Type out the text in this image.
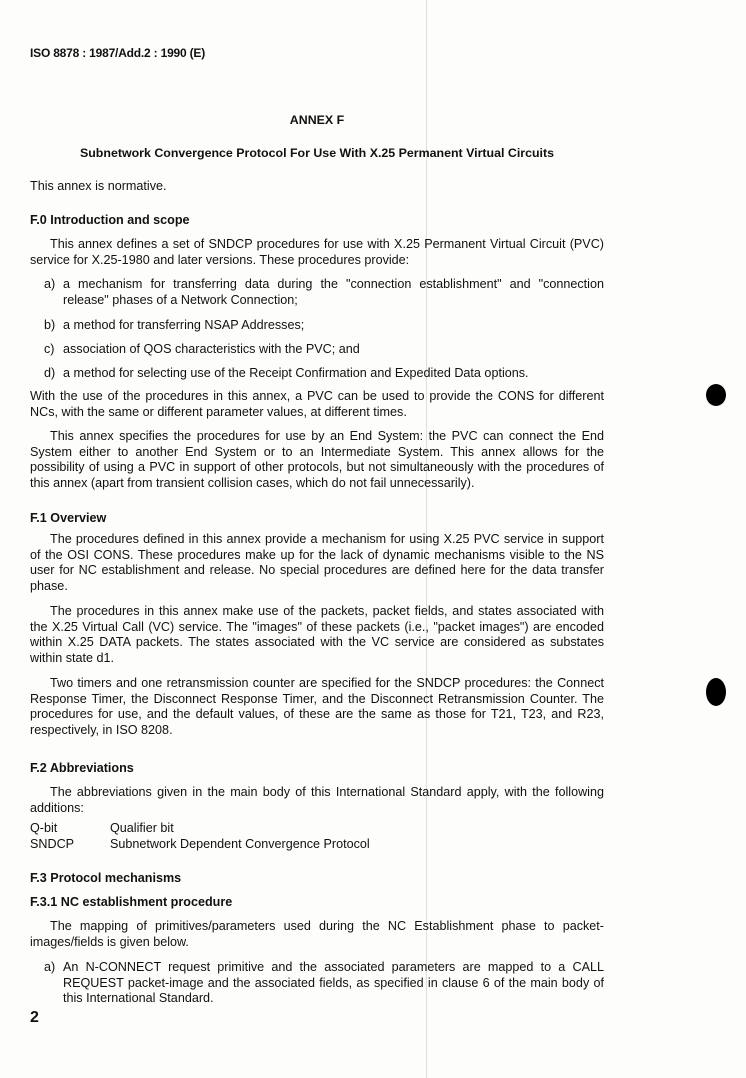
ISO 8878 : 1987/Add.2 : 1990 (E)
ANNEX F
Subnetwork Convergence Protocol For Use With X.25 Permanent Virtual Circuits
This annex is normative.
F.0 Introduction and scope
This annex defines a set of SNDCP procedures for use with X.25 Permanent Virtual Circuit (PVC) service for X.25-1980 and later versions. These procedures provide:
a) a mechanism for transferring data during the "connection establishment" and "connection release" phases of a Network Connection;
b) a method for transferring NSAP Addresses;
c) association of QOS characteristics with the PVC; and
d) a method for selecting use of the Receipt Confirmation and Expedited Data options.
With the use of the procedures in this annex, a PVC can be used to provide the CONS for different NCs, with the same or different parameter values, at different times.
This annex specifies the procedures for use by an End System: the PVC can connect the End System either to another End System or to an Intermediate System. This annex allows for the possibility of using a PVC in support of other protocols, but not simultaneously with the procedures of this annex (apart from transient collision cases, which do not fail unnecessarily).
F.1 Overview
The procedures defined in this annex provide a mechanism for using X.25 PVC service in support of the OSI CONS. These procedures make up for the lack of dynamic mechanisms visible to the NS user for NC establishment and release. No special procedures are defined here for the data transfer phase.
The procedures in this annex make use of the packets, packet fields, and states associated with the X.25 Virtual Call (VC) service. The "images" of these packets (i.e., "packet images") are encoded within X.25 DATA packets. The states associated with the VC service are considered as substates within state d1.
Two timers and one retransmission counter are specified for the SNDCP procedures: the Connect Response Timer, the Disconnect Response Timer, and the Disconnect Retransmission Counter. The procedures for use, and the default values, of these are the same as those for T21, T23, and R23, respectively, in ISO 8208.
F.2 Abbreviations
The abbreviations given in the main body of this International Standard apply, with the following additions:
Q-bit	Qualifier bit
SNDCP	Subnetwork Dependent Convergence Protocol
F.3 Protocol mechanisms
F.3.1 NC establishment procedure
The mapping of primitives/parameters used during the NC Establishment phase to packet-images/fields is given below.
a) An N-CONNECT request primitive and the associated parameters are mapped to a CALL REQUEST packet-image and the associated fields, as specified in clause 6 of the main body of this International Standard.
2
